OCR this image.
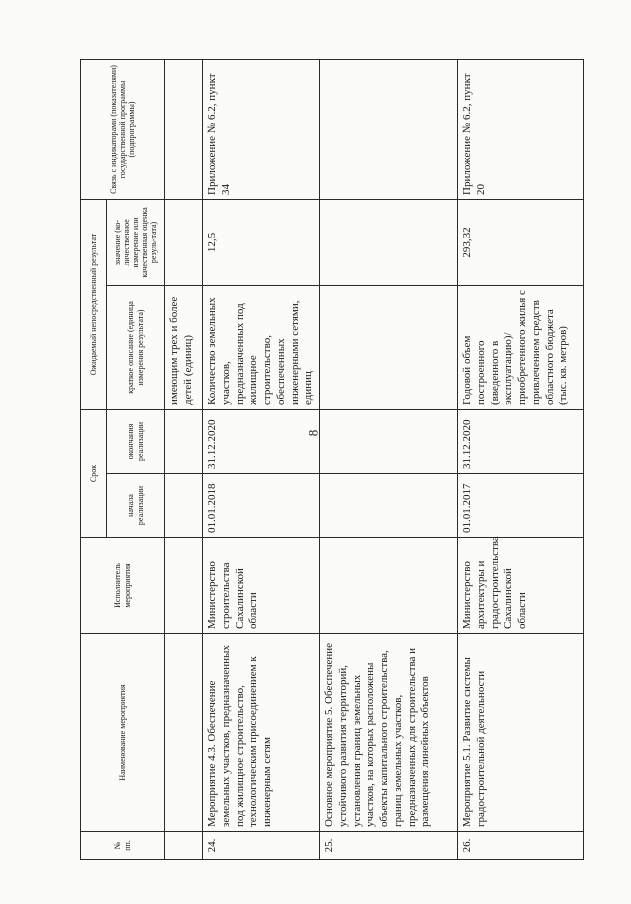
8
№ пп.	Наименование мероприятия	Исполнитель мероприятия	Срок		Ожидаемый непосредственный результат		Связь с индикаторами (показателями) государственной программы (подпрограммы)
			начала реализации	окончания реализации	краткое описание (единица измерения результата)	значение (ко-личественное измерение или качественная оценка резуль-тата)	
					имеющим трех и более детей (единиц)		
24.	Мероприятие 4.3. Обеспечение земельных участков, предназначенных под жилищное строительство, технологическим присоединением к инженерным сетям	Министерство строительства Сахалинской области	01.01.2018	31.12.2020	Количество земельных участков, предназначенных под жилищное строительство, обеспеченных инженерными сетями, единиц	12,5	Приложение № 6.2, пункт 34
25.	Основное мероприятие 5. Обеспечение устойчивого развития территорий, установления границ земельных участков, на которых расположены объекты капитального строительства, границ земельных участков, предназначенных для строительства и размещения линейных объектов						
26.	Мероприятие 5.1. Развитие системы градостроительной деятельности	Министерство архитектуры и градостроительства Сахалинской области	01.01.2017	31.12.2020	Годовой объем построенного (введенного в эксплуатацию)/ приобретенного жилья с привлечением средств областного бюджета (тыс. кв. метров)	293,32	Приложение № 6.2, пункт 20
